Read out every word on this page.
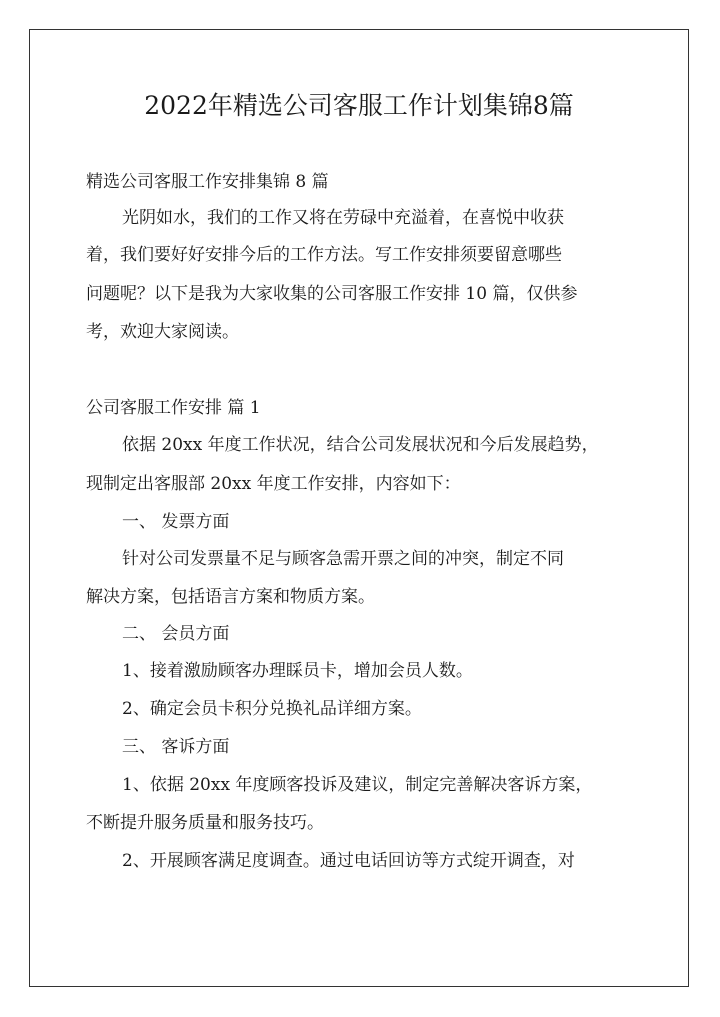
2022年精选公司客服工作计划集锦8篇
精选公司客服工作安排集锦 8 篇
光阴如水，我们的工作又将在劳碌中充溢着，在喜悦中收获
着，我们要好好安排今后的工作方法。写工作安排须要留意哪些
问题呢？以下是我为大家收集的公司客服工作安排 10 篇，仅供参
考，欢迎大家阅读。
公司客服工作安排 篇 1
依据 20xx 年度工作状况，结合公司发展状况和今后发展趋势，
现制定出客服部 20xx 年度工作安排，内容如下：
一、 发票方面
针对公司发票量不足与顾客急需开票之间的冲突，制定不同
解决方案，包括语言方案和物质方案。
二、 会员方面
1、接着激励顾客办理睬员卡，增加会员人数。
2、确定会员卡积分兑换礼品详细方案。
三、 客诉方面
1、依据 20xx 年度顾客投诉及建议，制定完善解决客诉方案，
不断提升服务质量和服务技巧。
2、开展顾客满足度调查。通过电话回访等方式绽开调查，对
